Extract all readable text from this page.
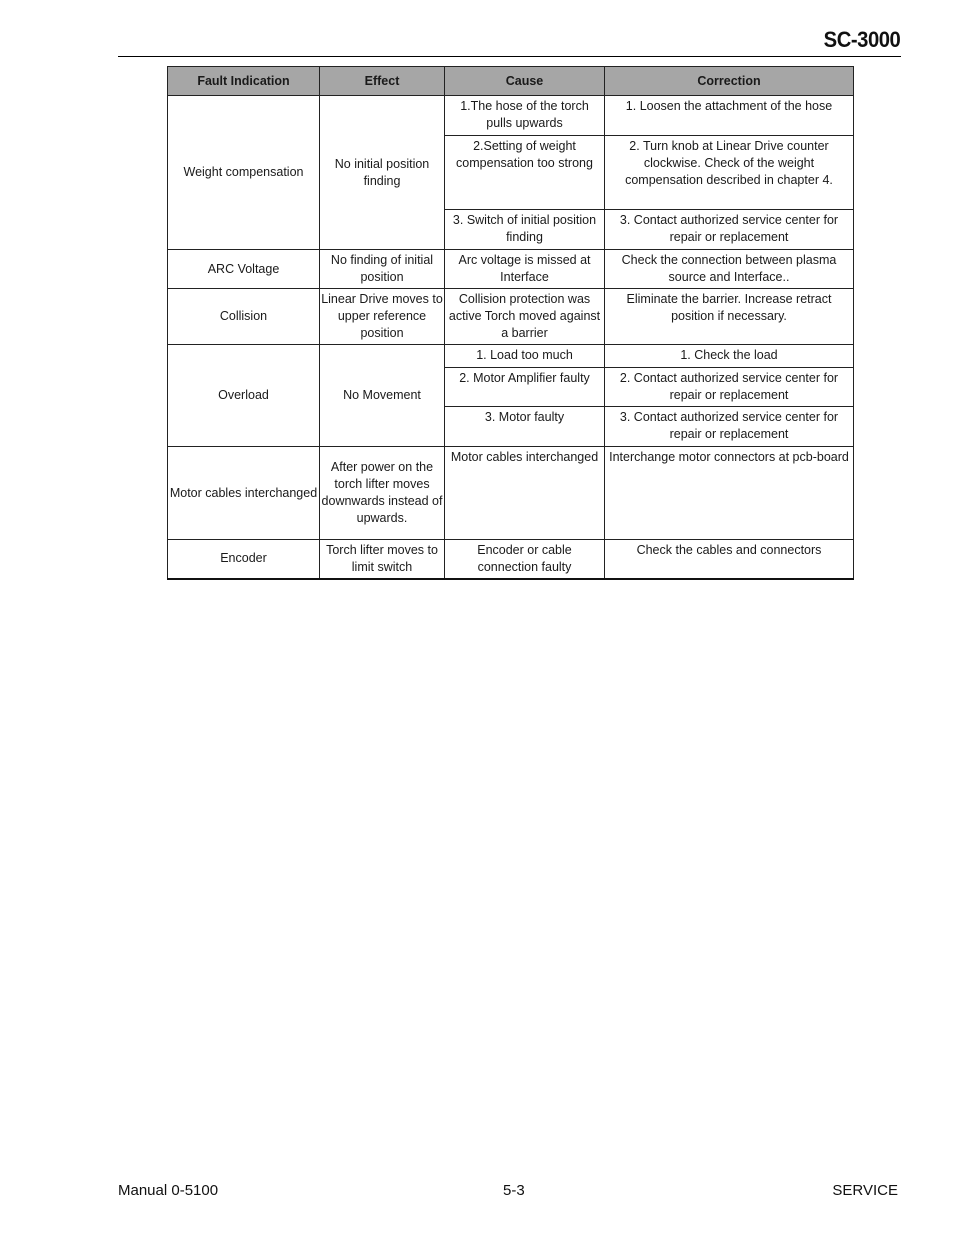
SC-3000
Fault Indication	Effect	Cause	Correction
Weight compensation	No initial position finding	1.The hose of the torch pulls upwards	1. Loosen the attachment of the hose
		2.Setting of weight compensation too strong	2. Turn knob at Linear Drive counter clockwise. Check of the weight compensation described in chapter 4.
		3. Switch of initial position finding	3. Contact authorized service center for repair or replacement
ARC Voltage	No finding of initial position	Arc voltage is missed at Interface	Check the connection between plasma source and Interface..
Collision	Linear Drive moves to upper reference position	Collision protection was active Torch moved against a barrier	Eliminate the barrier. Increase retract position if necessary.
Overload	No Movement	1. Load too much	1. Check the load
		2. Motor Amplifier faulty	2. Contact authorized service center for repair or replacement
		3. Motor faulty	3. Contact authorized service center for repair or replacement
Motor cables interchanged	After power on the torch lifter moves downwards instead of upwards.	Motor cables interchanged	Interchange motor connectors at pcb-board
Encoder	Torch lifter moves to limit switch	Encoder or cable connection faulty	Check the cables and connectors
Manual 0-5100	5-3	SERVICE
